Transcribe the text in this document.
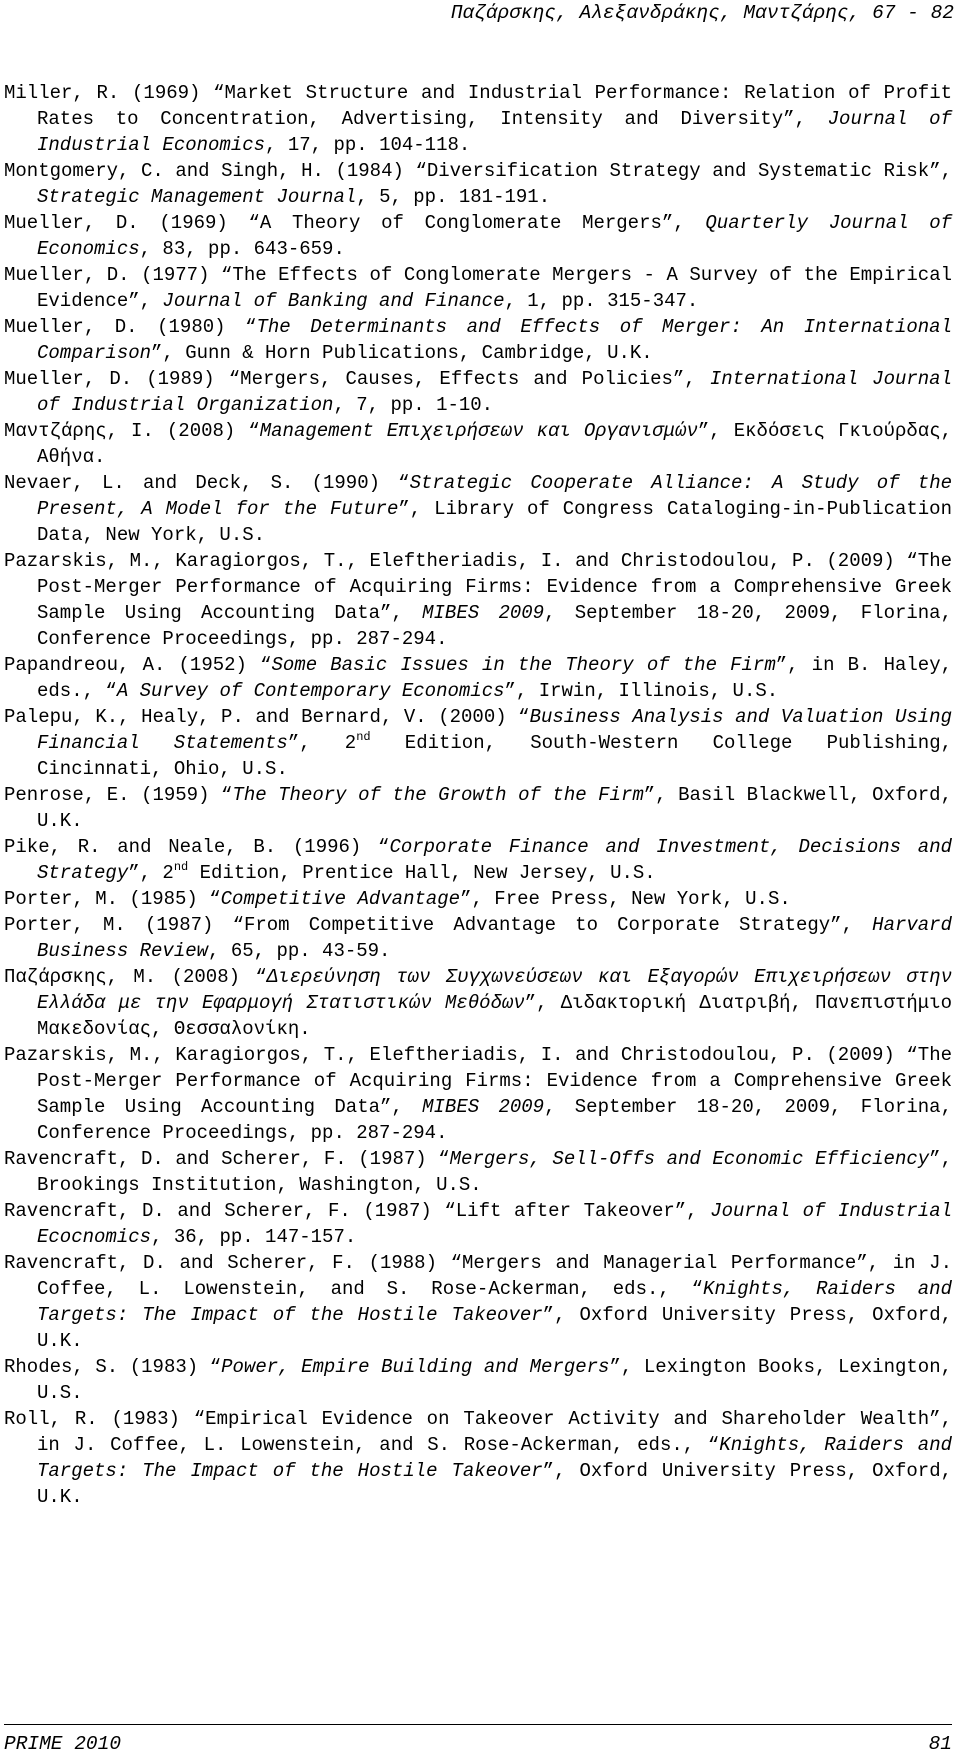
Παζάρσκης, Αλεξανδράκης, Μαντζάρης, 67 - 82
Miller, R. (1969) “Market Structure and Industrial Performance: Relation of Profit Rates to Concentration, Advertising, Intensity and Diversity”, Journal of Industrial Economics, 17, pp. 104-118.
Montgomery, C. and Singh, H. (1984) “Diversification Strategy and Systematic Risk”, Strategic Management Journal, 5, pp. 181-191.
Mueller, D. (1969) “A Theory of Conglomerate Mergers”, Quarterly Journal of Economics, 83, pp. 643-659.
Mueller, D. (1977) “The Effects of Conglomerate Mergers - A Survey of the Empirical Evidence”, Journal of Banking and Finance, 1, pp. 315-347.
Mueller, D. (1980) “The Determinants and Effects of Merger: An International Comparison”, Gunn & Horn Publications, Cambridge, U.K.
Mueller, D. (1989) “Mergers, Causes, Effects and Policies”, International Journal of Industrial Organization, 7, pp. 1-10.
Μαντζάρης, Ι. (2008) “Management Επιχειρήσεων και Οργανισμών”, Εκδόσεις Γκιούρδας, Αθήνα.
Nevaer, L. and Deck, S. (1990) “Strategic Cooperate Alliance: A Study of the Present, A Model for the Future”, Library of Congress Cataloging-in-Publication Data, New York, U.S.
Pazarskis, M., Karagiorgos, T., Eleftheriadis, I. and Christodoulou, P. (2009) “The Post-Merger Performance of Acquiring Firms: Evidence from a Comprehensive Greek Sample Using Accounting Data”, MIBES 2009, September 18-20, 2009, Florina, Conference Proceedings, pp. 287-294.
Papandreou, A. (1952) “Some Basic Issues in the Theory of the Firm”, in B. Haley, eds., “A Survey of Contemporary Economics”, Irwin, Illinois, U.S.
Palepu, K., Healy, P. and Bernard, V. (2000) “Business Analysis and Valuation Using Financial Statements”, 2nd Edition, South-Western College Publishing, Cincinnati, Ohio, U.S.
Penrose, E. (1959) “The Theory of the Growth of the Firm”, Basil Blackwell, Oxford, U.K.
Pike, R. and Neale, B. (1996) “Corporate Finance and Investment, Decisions and Strategy”, 2nd Edition, Prentice Hall, New Jersey, U.S.
Porter, M. (1985) “Competitive Advantage”, Free Press, New York, U.S.
Porter, M. (1987) “From Competitive Advantage to Corporate Strategy”, Harvard Business Review, 65, pp. 43-59.
Παζάρσκης, Μ. (2008) “Διερεύνηση των Συγχωνεύσεων και Εξαγορών Επιχειρήσεων στην Ελλάδα με την Εφαρμογή Στατιστικών Μεθόδων”, Διδακτορική Διατριβή, Πανεπιστήμιο Μακεδονίας, Θεσσαλονίκη.
Pazarskis, M., Karagiorgos, T., Eleftheriadis, I. and Christodoulou, P. (2009) “The Post-Merger Performance of Acquiring Firms: Evidence from a Comprehensive Greek Sample Using Accounting Data”, MIBES 2009, September 18-20, 2009, Florina, Conference Proceedings, pp. 287-294.
Ravencraft, D. and Scherer, F. (1987) “Mergers, Sell-Offs and Economic Efficiency”, Brookings Institution, Washington, U.S.
Ravencraft, D. and Scherer, F. (1987) “Lift after Takeover”, Journal of Industrial Ecocnomics, 36, pp. 147-157.
Ravencraft, D. and Scherer, F. (1988) “Mergers and Managerial Performance”, in J. Coffee, L. Lowenstein, and S. Rose-Ackerman, eds., “Knights, Raiders and Targets: The Impact of the Hostile Takeover”, Oxford University Press, Oxford, U.K.
Rhodes, S. (1983) “Power, Empire Building and Mergers”, Lexington Books, Lexington, U.S.
Roll, R. (1983) “Empirical Evidence on Takeover Activity and Shareholder Wealth”, in J. Coffee, L. Lowenstein, and S. Rose-Ackerman, eds., “Knights, Raiders and Targets: The Impact of the Hostile Takeover”, Oxford University Press, Oxford, U.K.
PRIME 2010	81
